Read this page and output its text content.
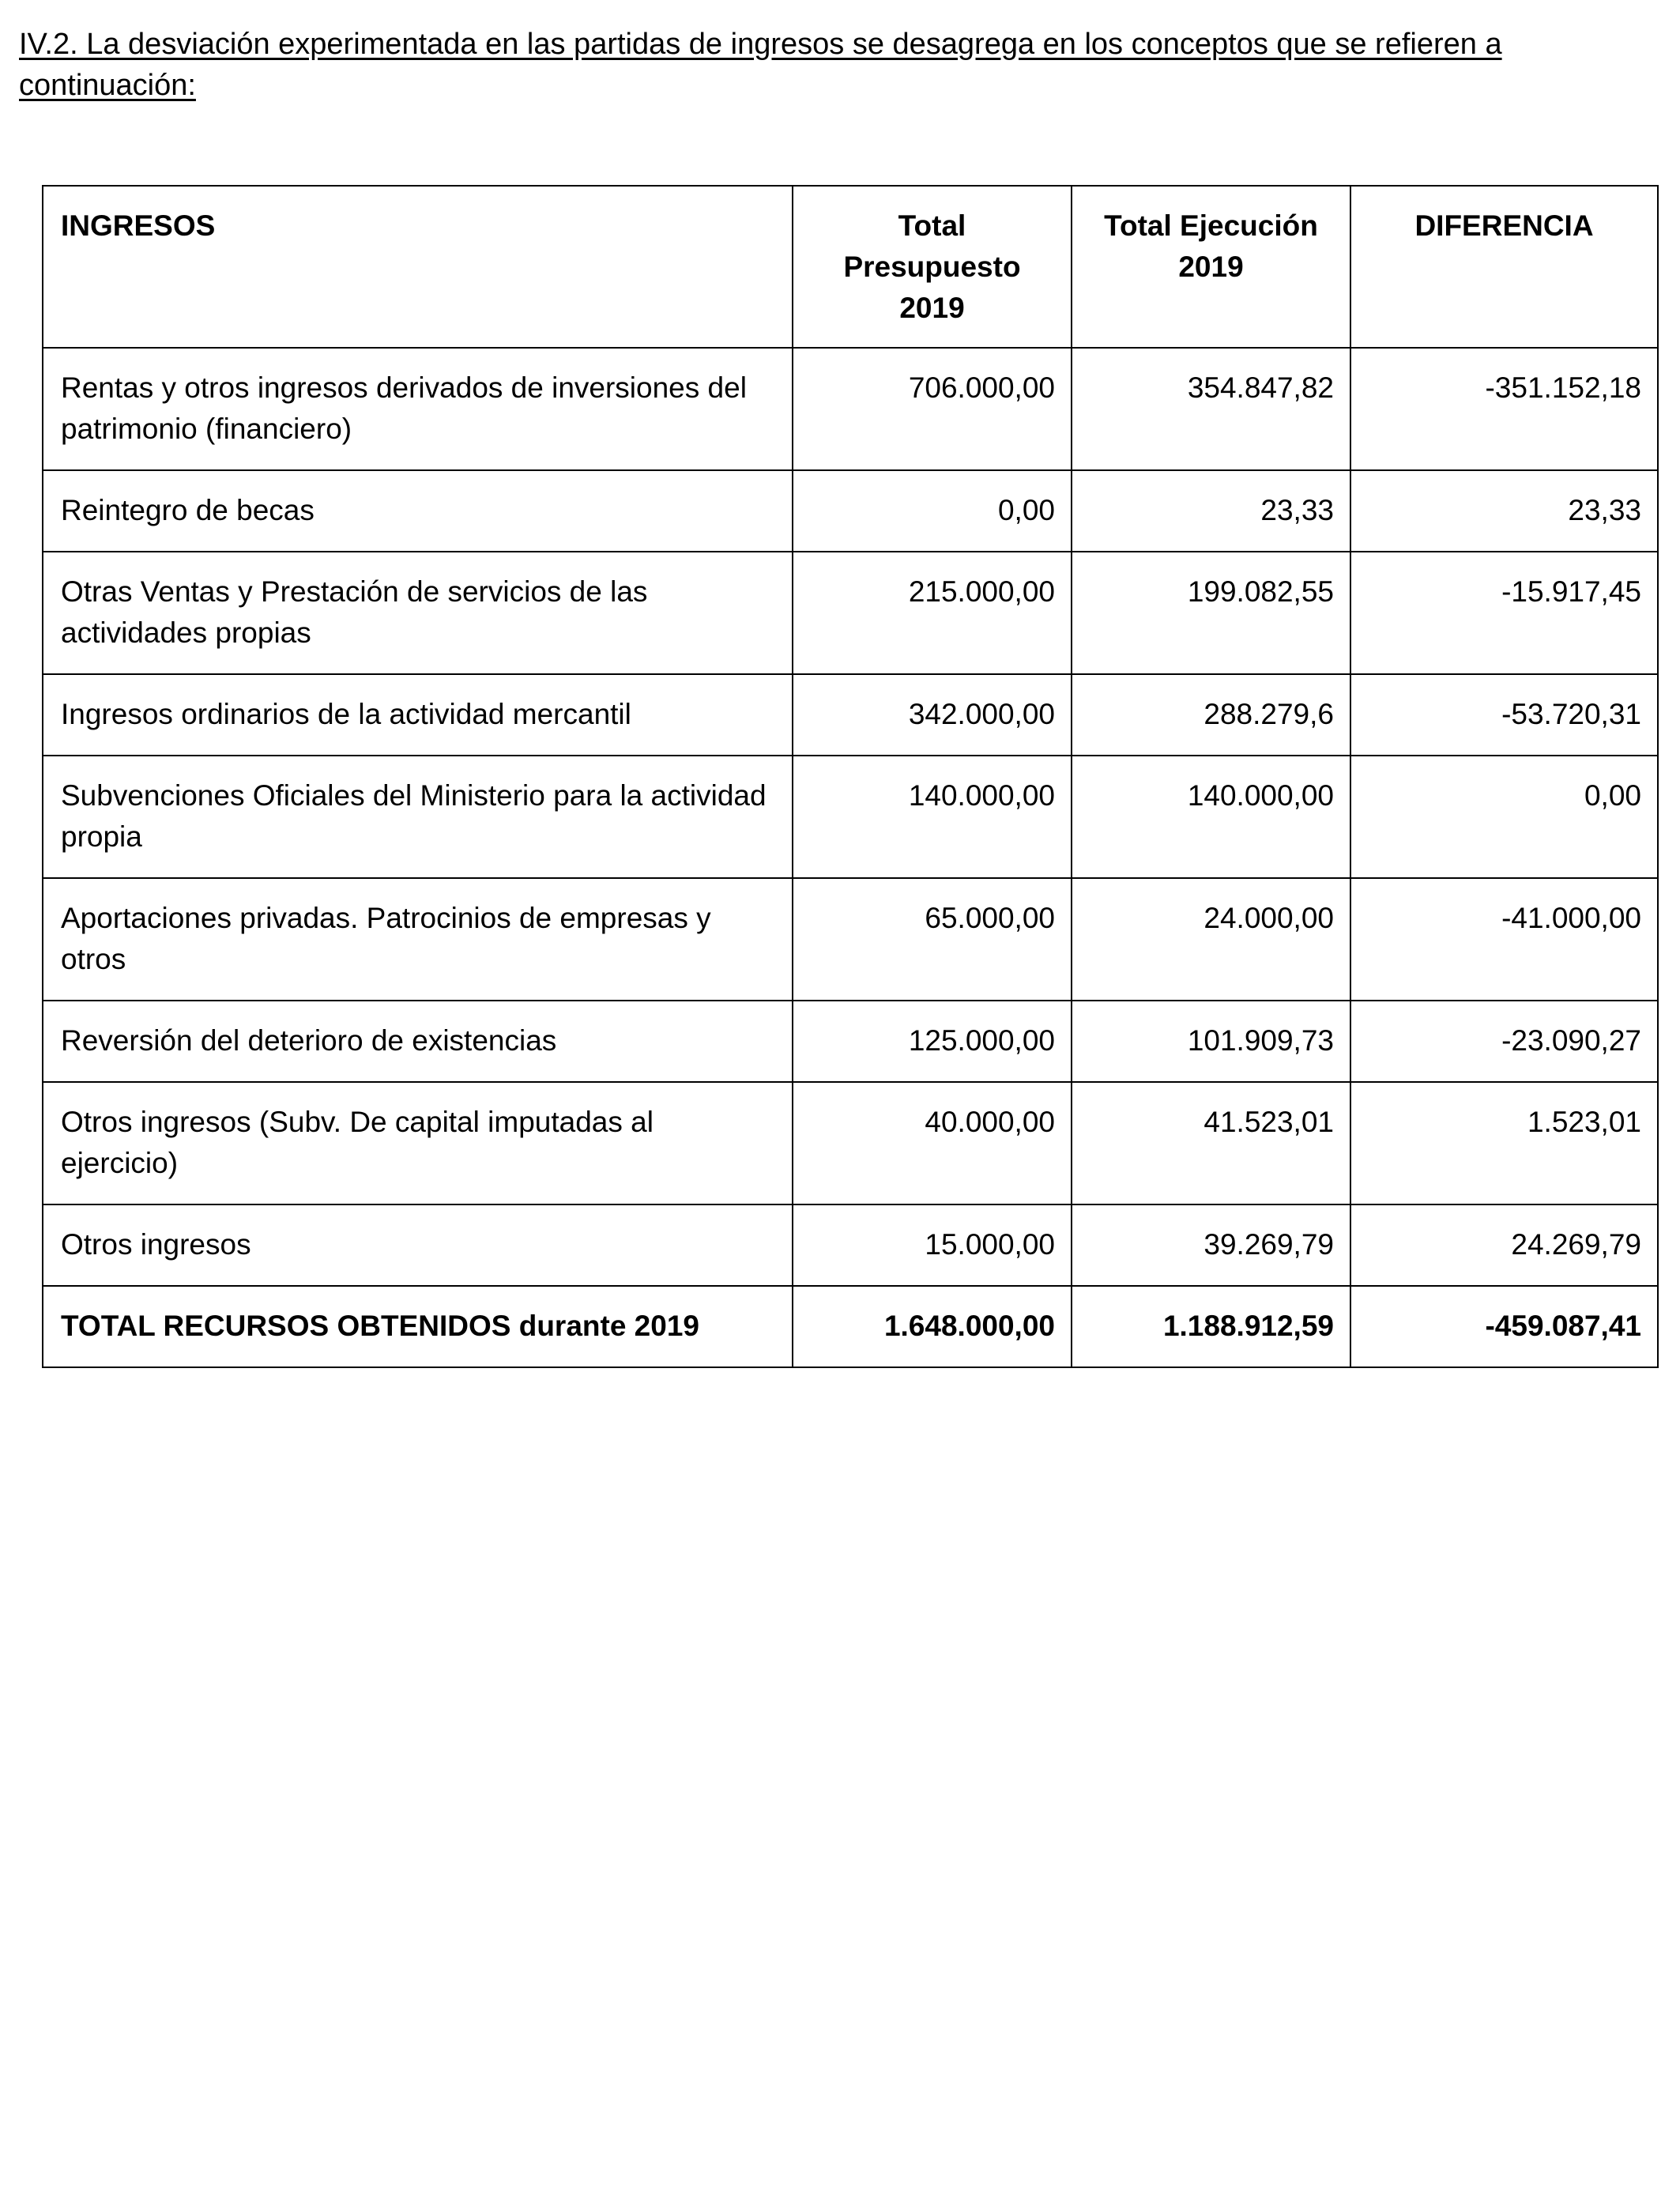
IV.2. La desviación experimentada en las partidas de ingresos se desagrega en los conceptos que se refieren a continuación:
INGRESOS	Total Presupuesto 2019	Total Ejecución 2019	DIFERENCIA
Rentas y otros ingresos derivados de inversiones del patrimonio (financiero)	706.000,00	354.847,82	-351.152,18
Reintegro de becas	0,00	23,33	23,33
Otras Ventas y Prestación de servicios de las actividades propias	215.000,00	199.082,55	-15.917,45
Ingresos ordinarios de la actividad mercantil	342.000,00	288.279,6	-53.720,31
Subvenciones Oficiales del Ministerio para la actividad propia	140.000,00	140.000,00	0,00
Aportaciones privadas. Patrocinios de empresas y otros	65.000,00	24.000,00	-41.000,00
Reversión del deterioro de existencias	125.000,00	101.909,73	-23.090,27
Otros ingresos (Subv. De capital imputadas al ejercicio)	40.000,00	41.523,01	1.523,01
Otros ingresos	15.000,00	39.269,79	24.269,79
TOTAL RECURSOS OBTENIDOS durante 2019	1.648.000,00	1.188.912,59	-459.087,41
